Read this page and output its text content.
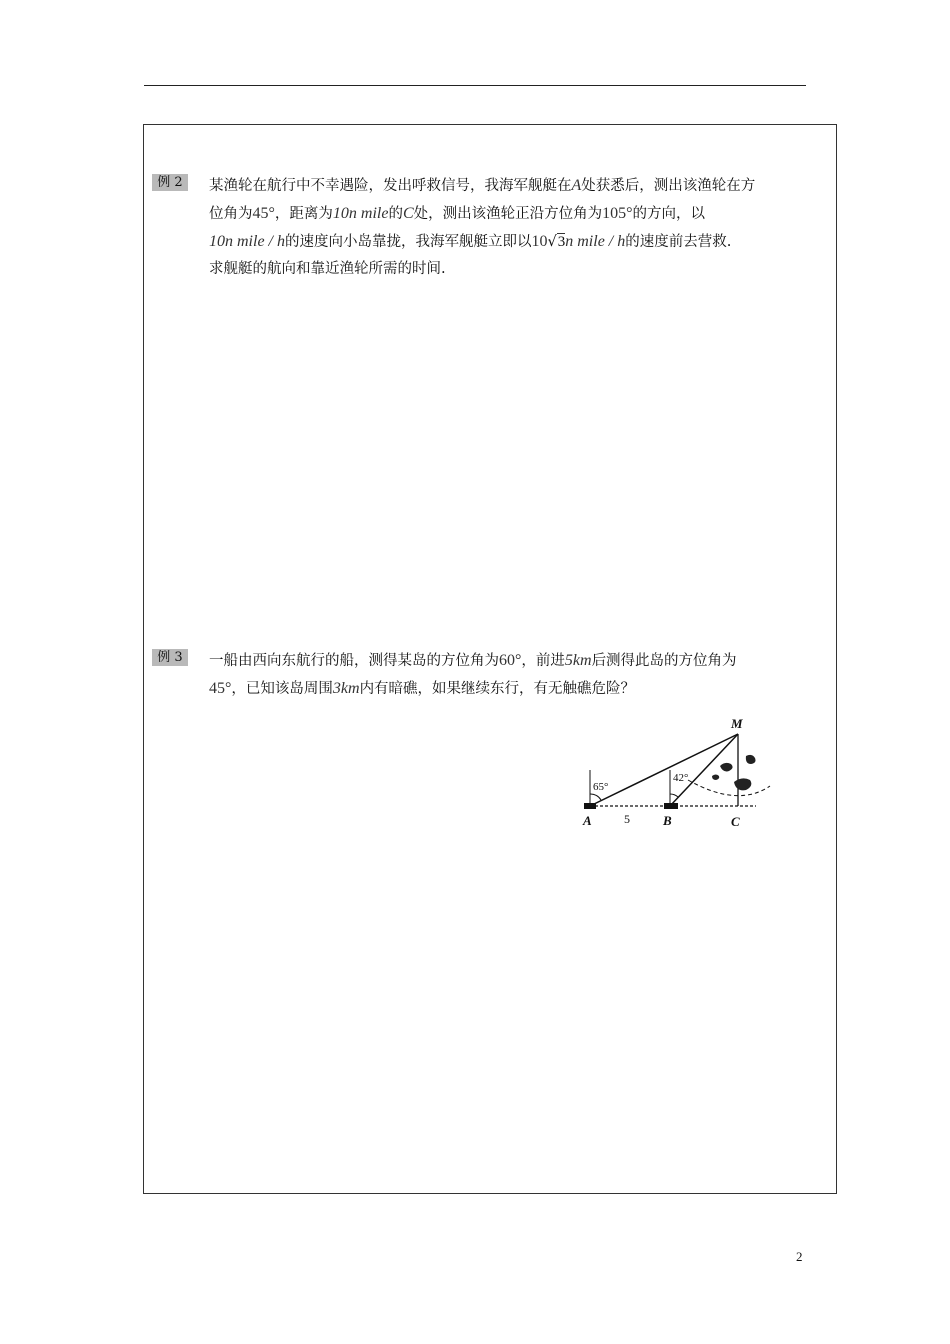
例 2	某渔轮在航行中不幸遇险，发出呼救信号，我海军舰艇在A处获悉后，测出该渔轮在方

位角为45°，距离为10n mile的C处，测出该渔轮正沿方位角为105°的方向，以

10n mile / h的速度向小岛靠拢，我海军舰艇立即以10√3n mile / h的速度前去营救.

求舰艇的航向和靠近渔轮所需的时间.

例 3	一船由西向东航行的船，测得某岛的方位角为60°，前进5km后测得此岛的方位角为

45°，已知该岛周围3km内有暗礁，如果继续东行，有无触礁危险？

M
A	5	B	C
65°
42°
2
